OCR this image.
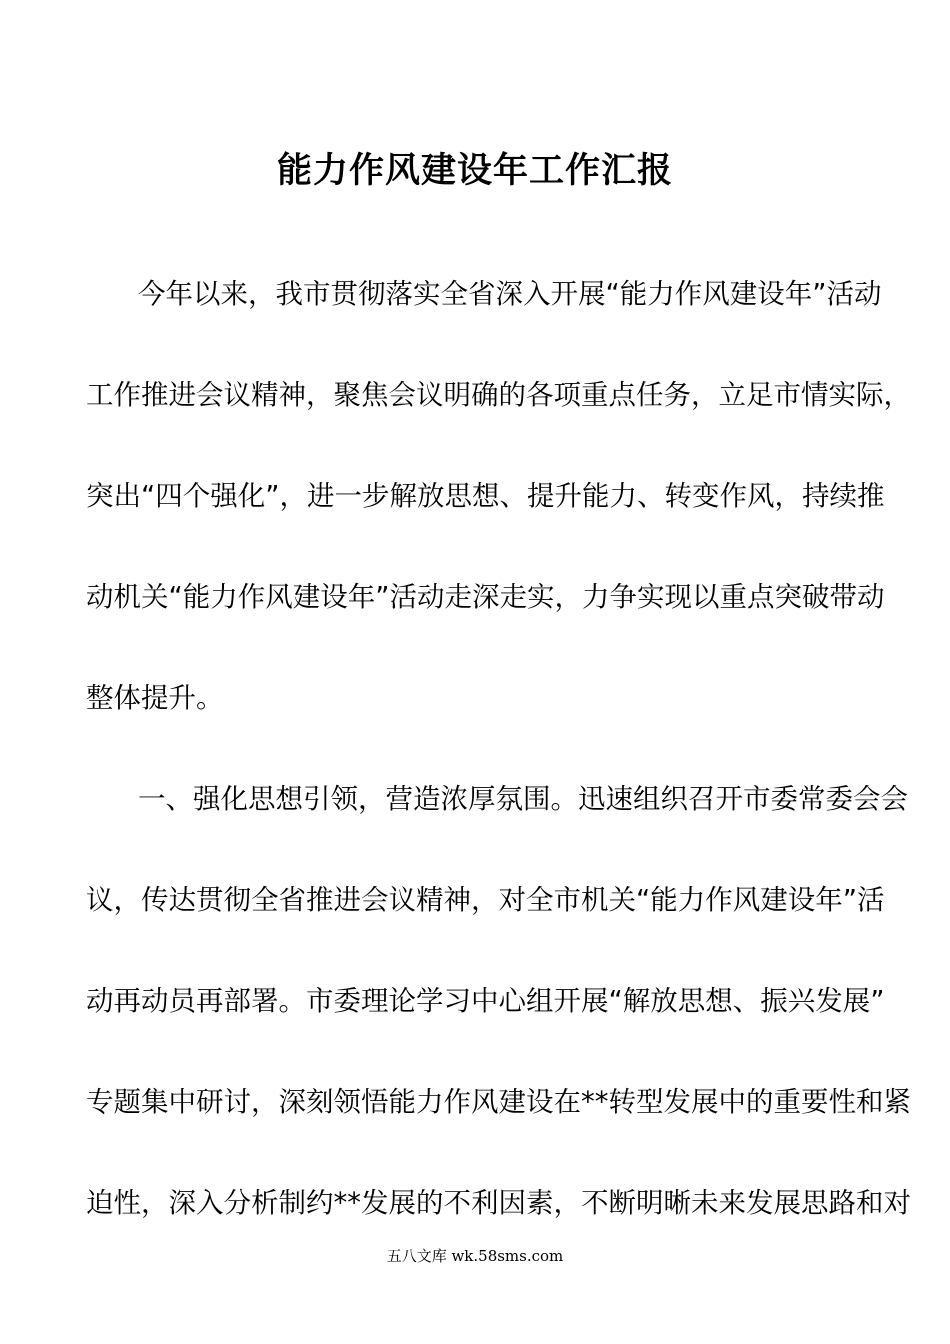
能力作风建设年工作汇报
今年以来，我市贯彻落实全省深入开展“能力作风建设年”活动
工作推进会议精神，聚焦会议明确的各项重点任务，立足市情实际，
突出“四个强化”，进一步解放思想、提升能力、转变作风，持续推
动机关“能力作风建设年”活动走深走实，力争实现以重点突破带动
整体提升。
一、强化思想引领，营造浓厚氛围。迅速组织召开市委常委会会
议，传达贯彻全省推进会议精神，对全市机关“能力作风建设年”活
动再动员再部署。市委理论学习中心组开展“解放思想、振兴发展”
专题集中研讨，深刻领悟能力作风建设在**转型发展中的重要性和紧
迫性，深入分析制约**发展的不利因素，不断明晰未来发展思路和对
五八文库 wk.58sms.com
